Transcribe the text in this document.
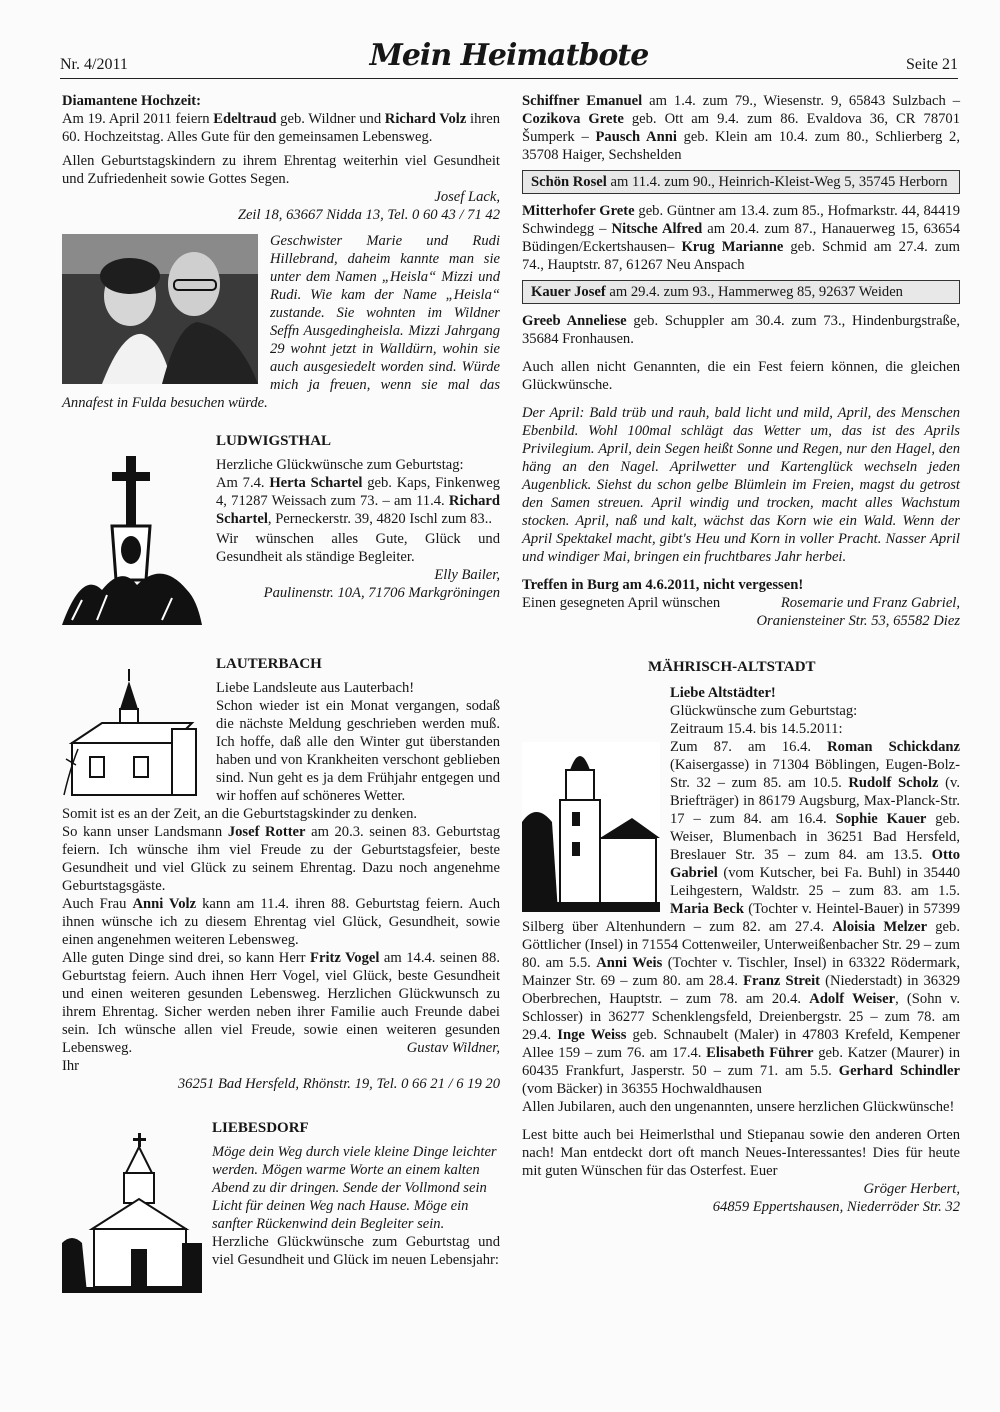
Nr. 4/2011	Mein Heimatbote	Seite 21

Diamantene Hochzeit:
Am 19. April 2011 feiern Edeltraud geb. Wildner und Richard Volz ihren 60. Hochzeitstag. Alles Gute für den gemeinsamen Lebensweg.

Allen Geburtstagskindern zu ihrem Ehrentag weiterhin viel Gesundheit und Zufriedenheit sowie Gottes Segen.

Josef Lack,
Zeil 18, 63667 Nidda 13, Tel. 0 60 43 / 71 42

Geschwister Marie und Rudi Hillebrand, daheim kannte man sie unter dem Namen „Heisla“ Mizzi und Rudi. Wie kam der Name „Heisla“ zustande. Sie wohnten im Wildner Seffn Ausgedingheisla. Mizzi Jahrgang 29 wohnt jetzt in Walldürn, wohin sie auch ausgesiedelt worden sind. Würde mich ja freuen, wenn sie mal das Annafest in Fulda besuchen würde.

LUDWIGSTHAL
Herzliche Glückwünsche zum Geburtstag:

Am 7.4. Herta Schartel geb. Kaps, Finkenweg 4, 71287 Weissach zum 73. – am 11.4. Richard Schartel, Perneckerstr. 39, 4820 Ischl zum 83..

Wir wünschen alles Gute, Glück und Gesundheit als ständige Begleiter.

Elly Bailer,
Paulinenstr. 10A, 71706 Markgröningen
LAUTERBACH
Liebe Landsleute aus Lauterbach!

Schon wieder ist ein Monat vergangen, sodaß die nächste Meldung geschrieben werden muß. Ich hoffe, daß alle den Winter gut überstanden haben und von Krankheiten verschont geblieben sind. Nun geht es ja dem Frühjahr entgegen und wir hoffen auf schöneres Wetter.

Somit ist es an der Zeit, an die Geburtstagskinder zu denken.

So kann unser Landsmann Josef Rotter am 20.3. seinen 83. Geburtstag feiern. Ich wünsche ihm viel Freude zu der Geburtstagsfeier, beste Gesundheit und viel Glück zu seinem Ehrentag. Dazu noch angenehme Geburtstagsgäste.

Auch Frau Anni Volz kann am 11.4. ihren 88. Geburtstag feiern. Auch ihnen wünsche ich zu diesem Ehrentag viel Glück, Gesundheit, sowie einen angenehmen weiteren Lebensweg.

Alle guten Dinge sind drei, so kann Herr Fritz Vogel am 14.4. seinen 88. Geburtstag feiern. Auch ihnen Herr Vogel, viel Glück, beste Gesundheit und einen weiteren gesunden Lebensweg. Herzlichen Glückwunsch zu ihrem Ehrentag. Sicher werden neben ihrer Familie auch Freunde dabei sein. Ich wünsche allen viel Freude, sowie einen weiteren gesunden Lebensweg.

Ihr
Gustav Wildner,
36251 Bad Hersfeld, Rhönstr. 19, Tel. 0 66 21 / 6 19 20
LIEBESDORF

Möge dein Weg durch viele kleine Dinge leichter werden. Mögen warme Worte an einem kalten Abend zu dir dringen. Sende der Vollmond sein Licht für deinen Weg nach Hause. Möge ein sanfter Rückenwind dein Begleiter sein.

Herzliche Glückwünsche zum Geburtstag und viel Gesundheit und Glück im neuen Lebensjahr:

Schiffner Emanuel am 1.4. zum 79., Wiesenstr. 9, 65843 Sulzbach – Cozikova Grete geb. Ott am 9.4. zum 86. Evaldova 36, CR 78701 Šumperk – Pausch Anni geb. Klein am 10.4. zum 80., Schlierberg 2, 35708 Haiger, Sechshelden

Schön Rosel am 11.4. zum 90., Heinrich-Kleist-Weg 5, 35745 Herborn

Mitterhofer Grete geb. Güntner am 13.4. zum 85., Hofmarkstr. 44, 84419 Schwindegg – Nitsche Alfred am 20.4. zum 87., Hanauerweg 15, 63654 Büdingen/Eckertshausen– Krug Marianne geb. Schmid am 27.4. zum 74., Hauptstr. 87, 61267 Neu Anspach

Kauer Josef am 29.4. zum 93., Hammerweg 85, 92637 Weiden

Greeb Anneliese geb. Schuppler am 30.4. zum 73., Hindenburgstraße, 35684 Fronhausen.

Auch allen nicht Genannten, die ein Fest feiern können, die gleichen Glückwünsche.

Der April: Bald trüb und rauh, bald licht und mild, April, des Menschen Ebenbild. Wohl 100mal schlägt das Wetter um, das ist des Aprils Privilegium. April, dein Segen heißt Sonne und Regen, nur den Hagel, den häng an den Nagel. Aprilwetter und Kartenglück wechseln jeden Augenblick. Siehst du schon gelbe Blümlein im Freien, magst du getrost den Samen streuen. April windig und trocken, macht alles Wachstum stocken. April, naß und kalt, wächst das Korn wie ein Wald. Wenn der April Spektakel macht, gibt's Heu und Korn in voller Pracht. Nasser April und windiger Mai, bringen ein fruchtbares Jahr herbei.

Treffen in Burg am 4.6.2011, nicht vergessen!
Einen gesegneten April wünschen	Rosemarie und Franz Gabriel,
Oraniensteiner Str. 53, 65582 Diez
MÄHRISCH-ALTSTADT
Liebe Altstädter!
Glückwünsche zum Geburtstag:
Zeitraum 15.4. bis 14.5.2011:

Zum 87. am 16.4. Roman Schickdanz (Kaisergasse) in 71304 Böblingen, Eugen-Bolz-Str. 32 – zum 85. am 10.5. Rudolf Scholz (v. Briefträger) in 86179 Augsburg, Max-Planck-Str. 17 – zum 84. am 16.4. Sophie Kauer geb. Weiser, Blumenbach in 36251 Bad Hersfeld, Breslauer Str. 35 – zum 84. am 13.5. Otto Gabriel (vom Kutscher, bei Fa. Buhl) in 35440 Leihgestern, Waldstr. 25 – zum 83. am 1.5. Maria Beck (Tochter v. Heintel-Bauer) in 57399 Silberg über Altenhundern – zum 82. am 27.4. Aloisia Melzer geb. Göttlicher (Insel) in 71554 Cottenweiler, Unterweißenbacher Str. 29 – zum 80. am 5.5. Anni Weis (Tochter v. Tischler, Insel) in 63322 Rödermark, Mainzer Str. 69 – zum 80. am 28.4. Franz Streit (Niederstadt) in 36329 Oberbrechen, Hauptstr. – zum 78. am 20.4. Adolf Weiser, (Sohn v. Schlosser) in 36277 Schenklengsfeld, Dreienbergstr. 25 – zum 78. am 29.4. Inge Weiss geb. Schnaubelt (Maler) in 47803 Krefeld, Kempener Allee 159 – zum 76. am 17.4. Elisabeth Führer geb. Katzer (Maurer) in 60435 Frankfurt, Jasperstr. 50 – zum 71. am 5.5. Gerhard Schindler (vom Bäcker) in 36355 Hochwaldhausen

Allen Jubilaren, auch den ungenannten, unsere herzlichen Glückwünsche!

Lest bitte auch bei Heimerlsthal und Stiepanau sowie den anderen Orten nach! Man entdeckt dort oft manch Neues-Interessantes! Dies für heute mit guten Wünschen für das Osterfest. Euer

Gröger Herbert,
64859 Eppertshausen, Niederröder Str. 32
